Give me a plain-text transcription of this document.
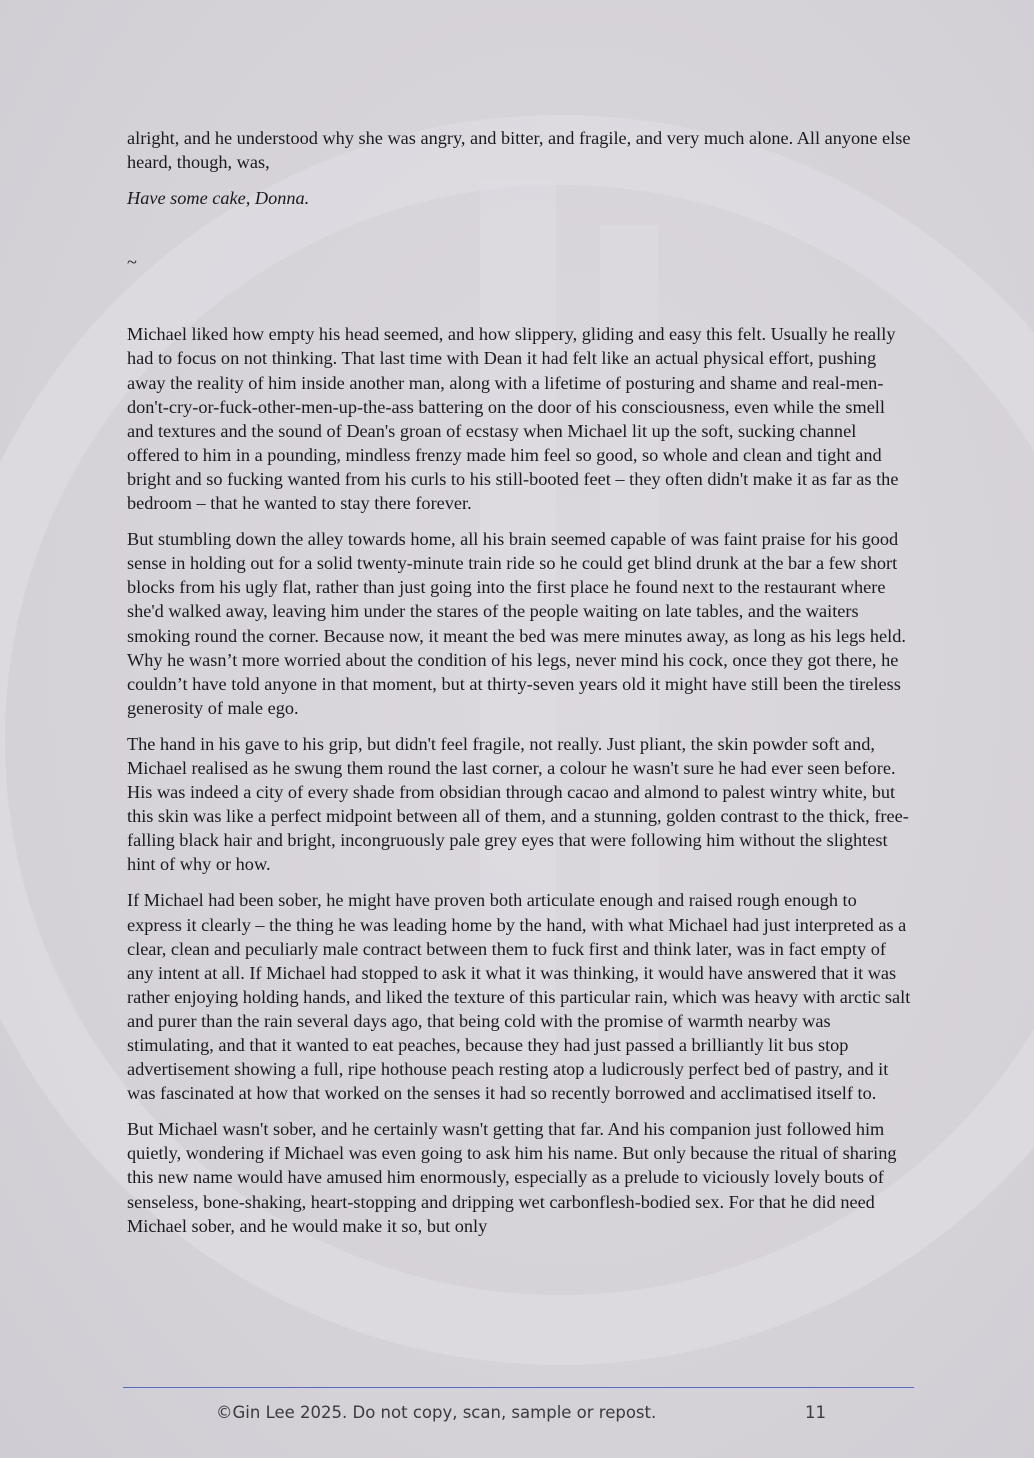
alright, and he understood why she was angry, and bitter, and fragile, and very much alone. All anyone else heard, though, was,

Have some cake, Donna.

~

Michael liked how empty his head seemed, and how slippery, gliding and easy this felt. Usually he really had to focus on not thinking. That last time with Dean it had felt like an actual physical effort, pushing away the reality of him inside another man, along with a lifetime of posturing and shame and real-men-don't-cry-or-fuck-other-men-up-the-ass battering on the door of his consciousness, even while the smell and textures and the sound of Dean's groan of ecstasy when Michael lit up the soft, sucking channel offered to him in a pounding, mindless frenzy made him feel so good, so whole and clean and tight and bright and so fucking wanted from his curls to his still-booted feet – they often didn't make it as far as the bedroom – that he wanted to stay there forever.

But stumbling down the alley towards home, all his brain seemed capable of was faint praise for his good sense in holding out for a solid twenty-minute train ride so he could get blind drunk at the bar a few short blocks from his ugly flat, rather than just going into the first place he found next to the restaurant where she'd walked away, leaving him under the stares of the people waiting on late tables, and the waiters smoking round the corner. Because now, it meant the bed was mere minutes away, as long as his legs held. Why he wasn’t more worried about the condition of his legs, never mind his cock, once they got there, he couldn’t have told anyone in that moment, but at thirty-seven years old it might have still been the tireless generosity of male ego.

The hand in his gave to his grip, but didn't feel fragile, not really. Just pliant, the skin powder soft and, Michael realised as he swung them round the last corner, a colour he wasn't sure he had ever seen before. His was indeed a city of every shade from obsidian through cacao and almond to palest wintry white, but this skin was like a perfect midpoint between all of them, and a stunning, golden contrast to the thick, free-falling black hair and bright, incongruously pale grey eyes that were following him without the slightest hint of why or how.

If Michael had been sober, he might have proven both articulate enough and raised rough enough to express it clearly – the thing he was leading home by the hand, with what Michael had just interpreted as a clear, clean and peculiarly male contract between them to fuck first and think later, was in fact empty of any intent at all. If Michael had stopped to ask it what it was thinking, it would have answered that it was rather enjoying holding hands, and liked the texture of this particular rain, which was heavy with arctic salt and purer than the rain several days ago, that being cold with the promise of warmth nearby was stimulating, and that it wanted to eat peaches, because they had just passed a brilliantly lit bus stop advertisement showing a full, ripe hothouse peach resting atop a ludicrously perfect bed of pastry, and it was fascinated at how that worked on the senses it had so recently borrowed and acclimatised itself to.

But Michael wasn't sober, and he certainly wasn't getting that far. And his companion just followed him quietly, wondering if Michael was even going to ask him his name. But only because the ritual of sharing this new name would have amused him enormously, especially as a prelude to viciously lovely bouts of senseless, bone-shaking, heart-stopping and dripping wet carbonflesh-bodied sex. For that he did need Michael sober, and he would make it so, but only

©Gin Lee 2025. Do not copy, scan, sample or repost.	11
